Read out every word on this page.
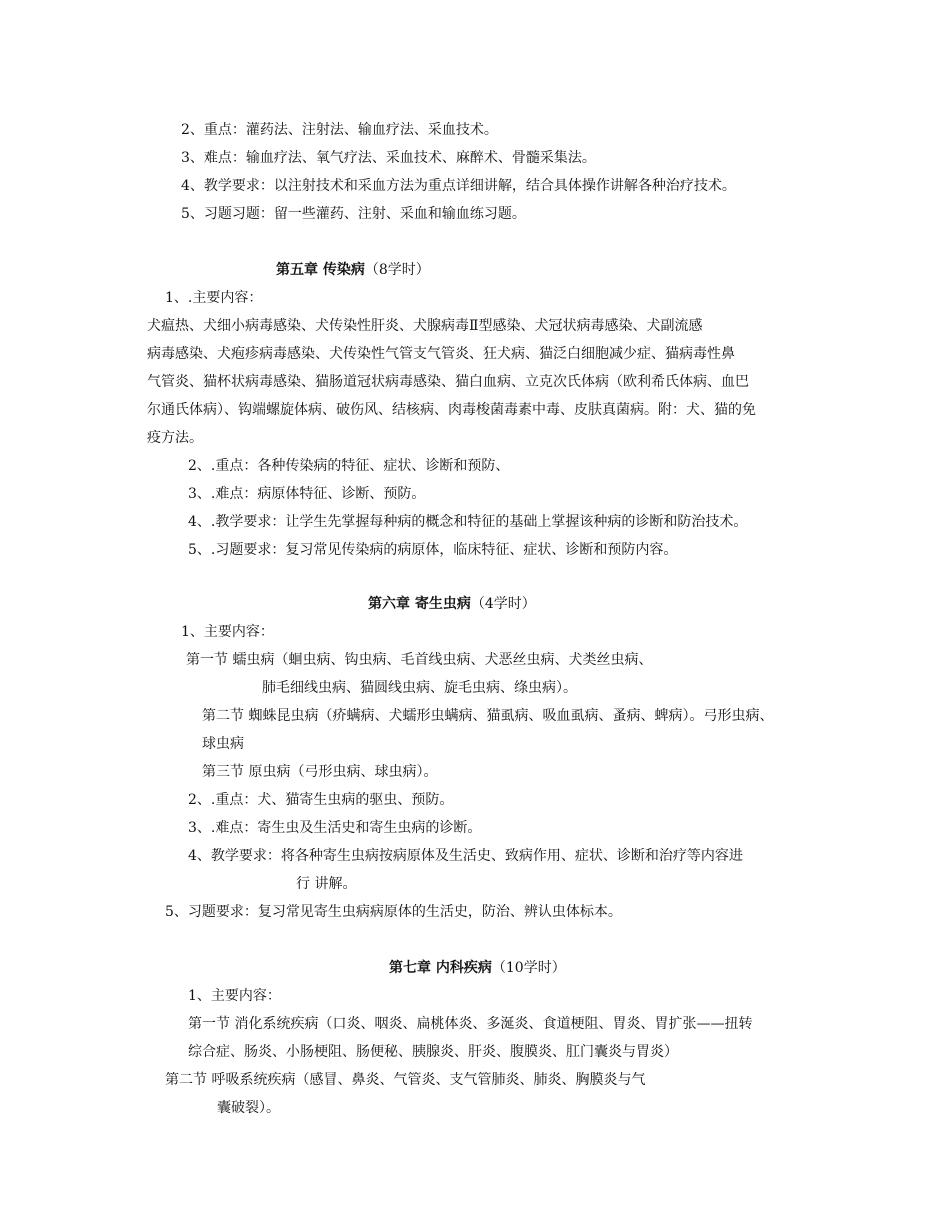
2、重点：灌药法、注射法、输血疗法、采血技术。
3、难点：输血疗法、氧气疗法、采血技术、麻醉术、骨髓采集法。
4、教学要求：以注射技术和采血方法为重点详细讲解，结合具体操作讲解各种治疗技术。
5、习题习题：留一些灌药、注射、采血和输血练习题。
第五章 传染病（8学时）
1、.主要内容：
犬瘟热、犬细小病毒感染、犬传染性肝炎、犬腺病毒Ⅱ型感染、犬冠状病毒感染、犬副流感
病毒感染、犬疱疹病毒感染、犬传染性气管支气管炎、狂犬病、猫泛白细胞减少症、猫病毒性鼻
气管炎、猫杯状病毒感染、猫肠道冠状病毒感染、猫白血病、立克次氏体病（欧利希氏体病、血巴
尔通氏体病）、钩端螺旋体病、破伤风、结核病、肉毒梭菌毒素中毒、皮肤真菌病。附：犬、猫的免
疫方法。
2、.重点：各种传染病的特征、症状、诊断和预防、
3、.难点：病原体特征、诊断、预防。
4、.教学要求：让学生先掌握每种病的概念和特征的基础上掌握该种病的诊断和防治技术。
5、.习题要求：复习常见传染病的病原体，临床特征、症状、诊断和预防内容。
第六章 寄生虫病（4学时）
1、主要内容：
第一节 蠕虫病（蛔虫病、钩虫病、毛首线虫病、犬恶丝虫病、犬类丝虫病、
肺毛细线虫病、猫圆线虫病、旋毛虫病、绦虫病）。
第二节 蜘蛛昆虫病（疥螨病、犬蠕形虫螨病、猫虱病、吸血虱病、蚤病、蜱病）。弓形虫病、
球虫病
第三节 原虫病（弓形虫病、球虫病）。
2、.重点：犬、猫寄生虫病的驱虫、预防。
3、.难点：寄生虫及生活史和寄生虫病的诊断。
4、教学要求：将各种寄生虫病按病原体及生活史、致病作用、症状、诊断和治疗等内容进
行 讲解。
5、习题要求：复习常见寄生虫病病原体的生活史，防治、辨认虫体标本。
第七章 内科疾病（10学时）
1、主要内容：
第一节 消化系统疾病（口炎、咽炎、扁桃体炎、多涎炎、食道梗阻、胃炎、胃扩张——扭转
综合症、肠炎、小肠梗阻、肠便秘、胰腺炎、肝炎、腹膜炎、肛门囊炎与胃炎）
第二节 呼吸系统疾病（感冒、鼻炎、气管炎、支气管肺炎、肺炎、胸膜炎与气
囊破裂）。
